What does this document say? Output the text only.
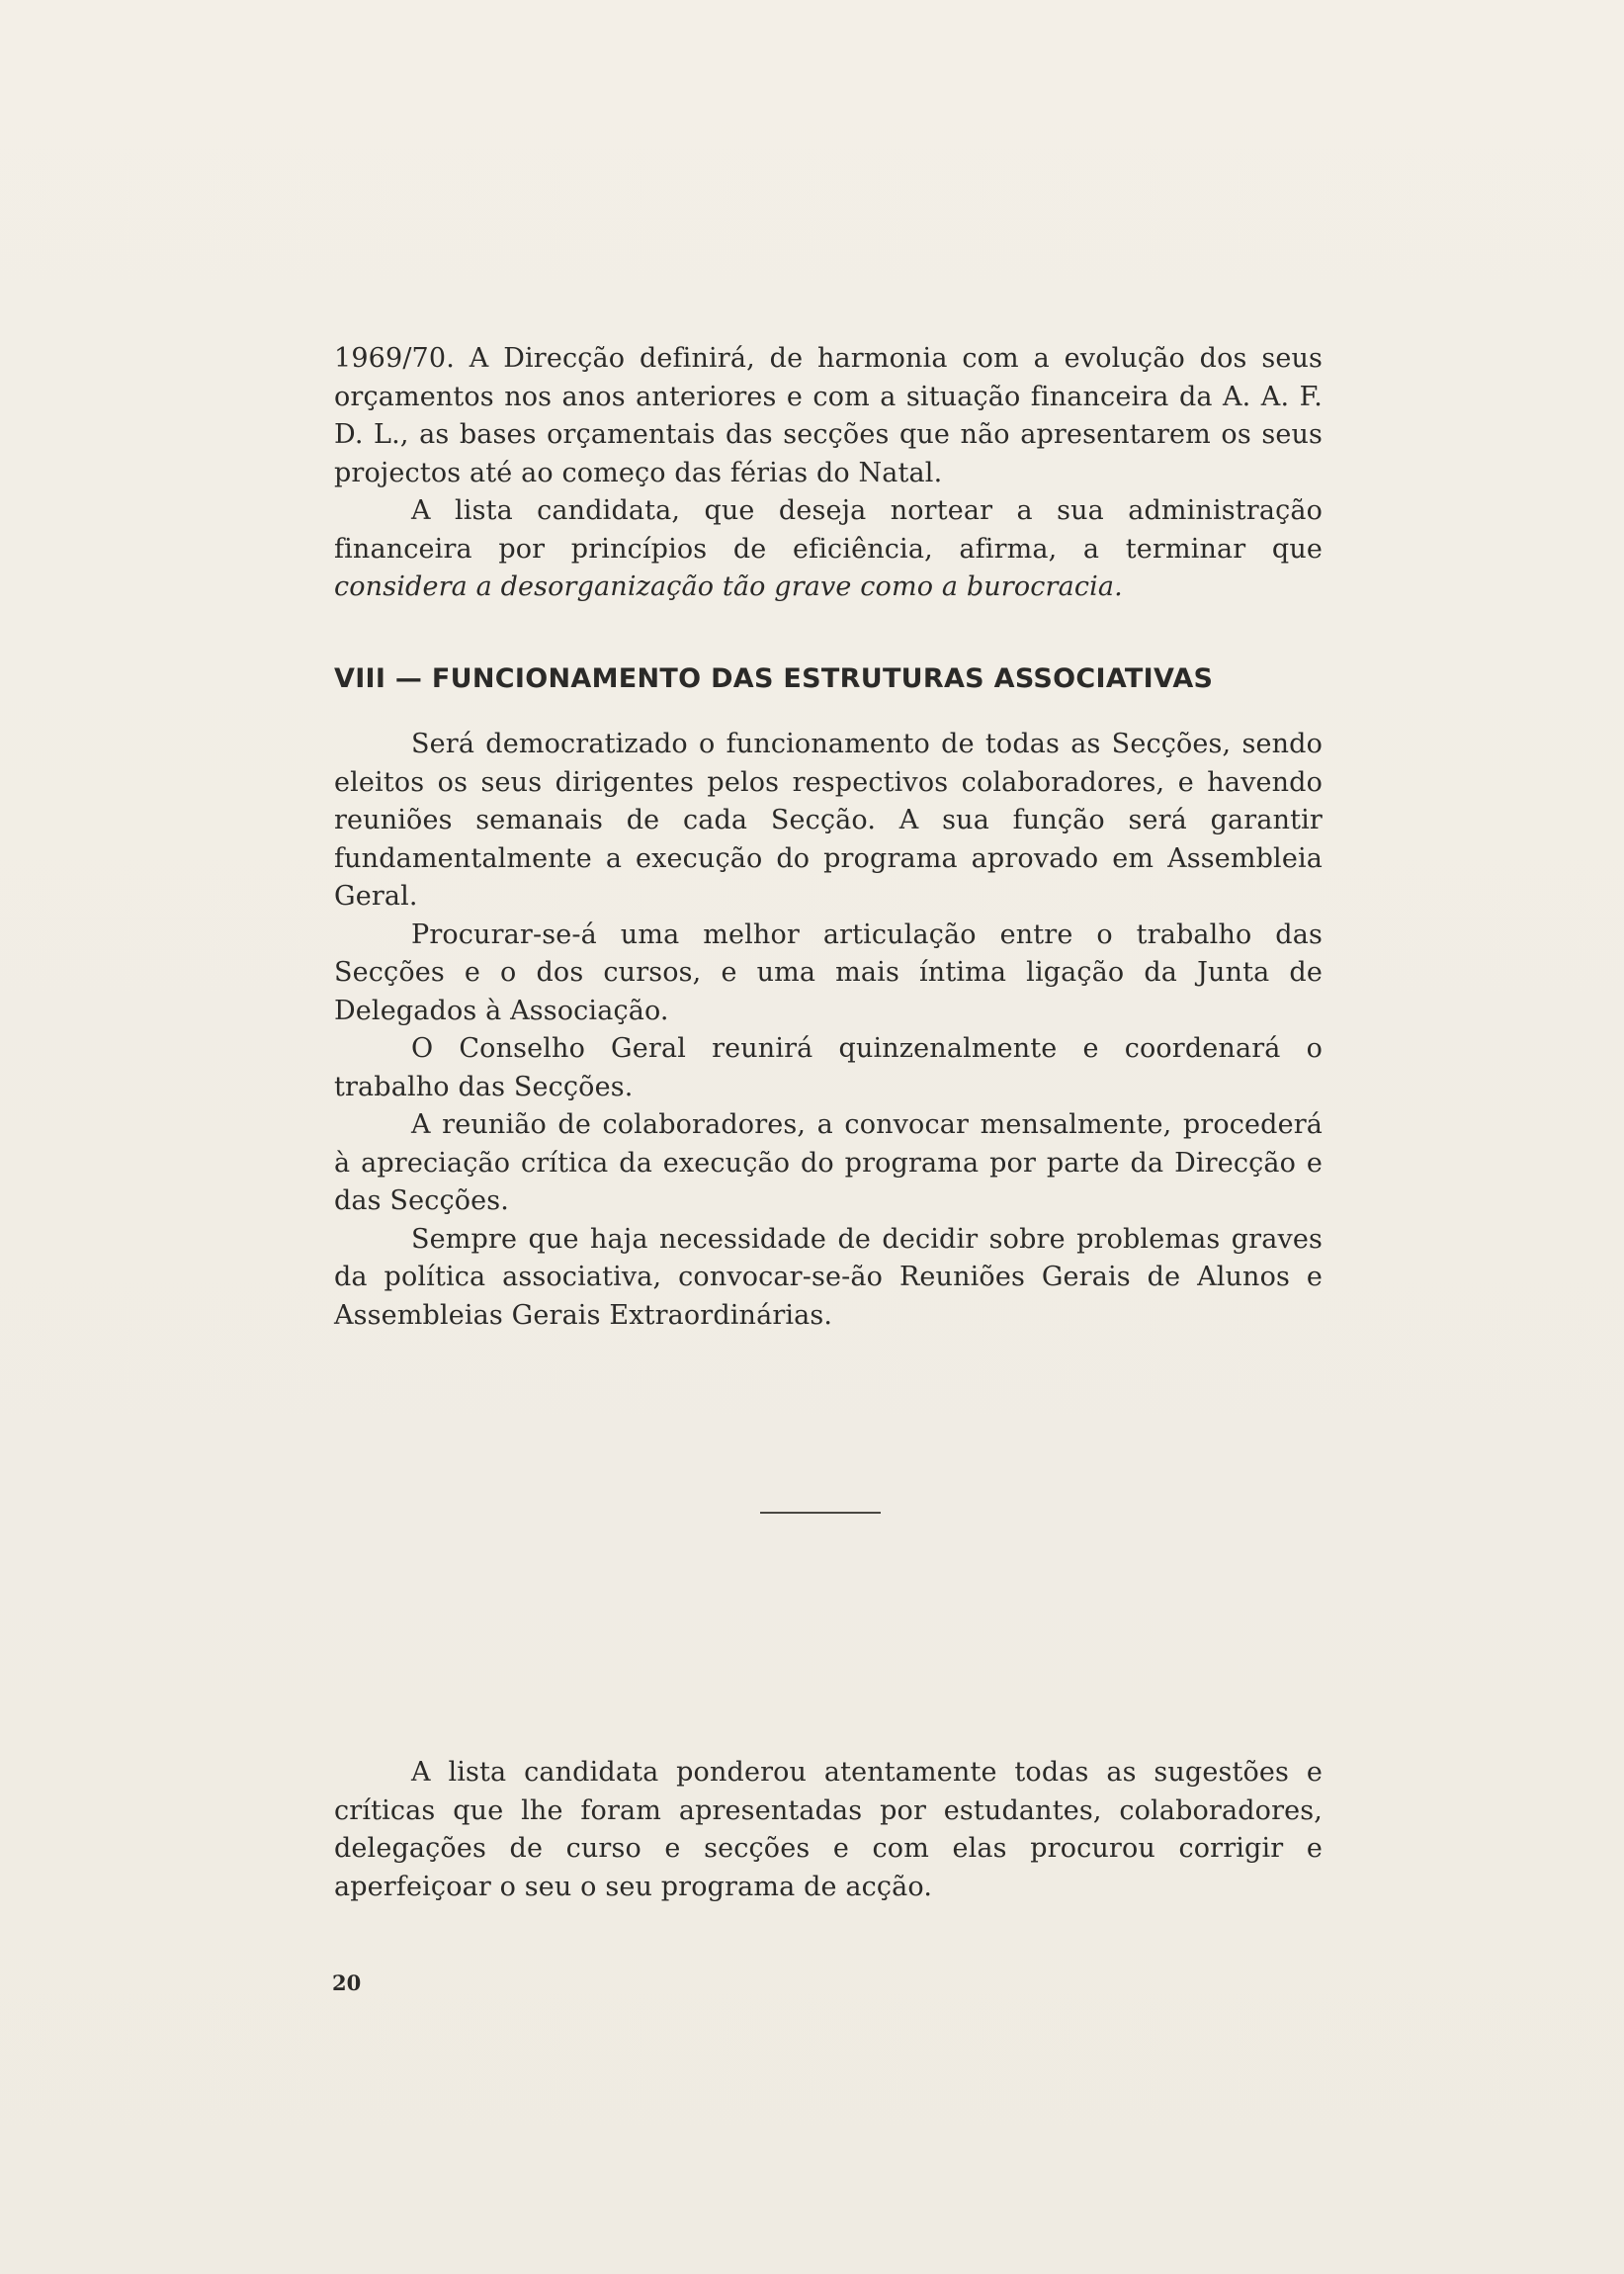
1969/70. A Direcção definirá, de harmonia com a evolução dos seus orçamentos nos anos anteriores e com a situação financeira da A. A. F. D. L., as bases orçamentais das secções que não apresentarem os seus projectos até ao começo das férias do Natal.

A lista candidata, que deseja nortear a sua administração financeira por princípios de eficiência, afirma, a terminar que considera a desorganização tão grave como a burocracia.

VIII — FUNCIONAMENTO DAS ESTRUTURAS ASSOCIATIVAS

Será democratizado o funcionamento de todas as Secções, sendo eleitos os seus dirigentes pelos respectivos colaboradores, e havendo reuniões semanais de cada Secção. A sua função será garantir fundamentalmente a execução do programa aprovado em Assembleia Geral.

Procurar-se-á uma melhor articulação entre o trabalho das Secções e o dos cursos, e uma mais íntima ligação da Junta de Delegados à Associação.

O Conselho Geral reunirá quinzenalmente e coordenará o trabalho das Secções.

A reunião de colaboradores, a convocar mensalmente, procederá à apreciação crítica da execução do programa por parte da Direcção e das Secções.

Sempre que haja necessidade de decidir sobre problemas graves da política associativa, convocar-se-ão Reuniões Gerais de Alunos e Assembleias Gerais Extraordinárias.

A lista candidata ponderou atentamente todas as sugestões e críticas que lhe foram apresentadas por estudantes, colaboradores, delegações de curso e secções e com elas procurou corrigir e aperfeiçoar o seu o seu programa de acção.

20
